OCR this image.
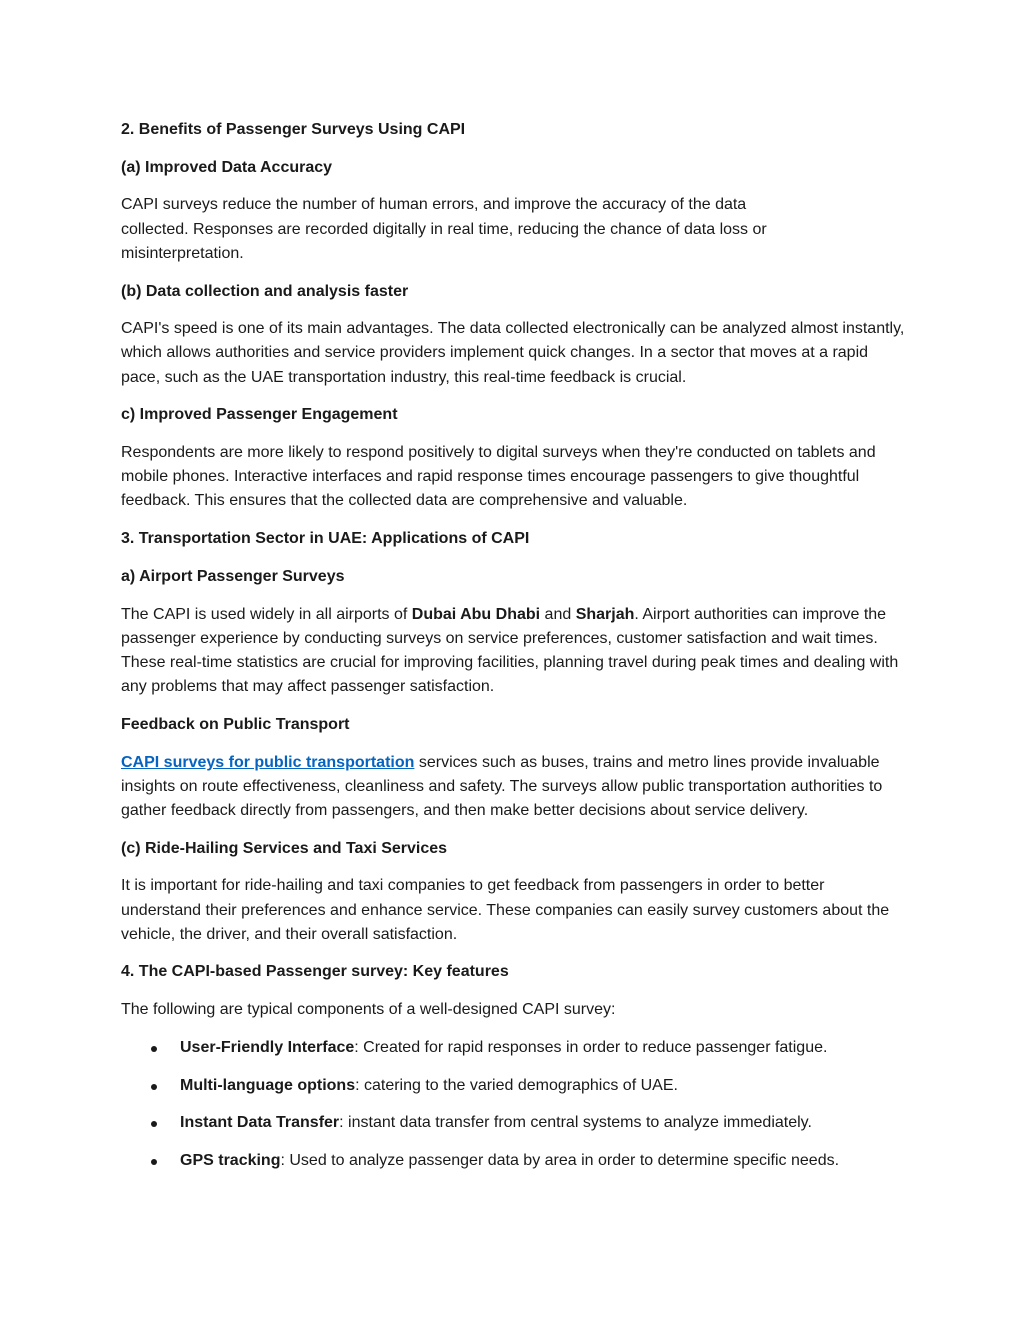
2. Benefits of Passenger Surveys Using CAPI
(a) Improved Data Accuracy
CAPI surveys reduce the number of human errors, and improve the accuracy of the data collected. Responses are recorded digitally in real time, reducing the chance of data loss or misinterpretation.
(b) Data collection and analysis faster
CAPI's speed is one of its main advantages. The data collected electronically can be analyzed almost instantly, which allows authorities and service providers implement quick changes. In a sector that moves at a rapid pace, such as the UAE transportation industry, this real-time feedback is crucial.
c) Improved Passenger Engagement
Respondents are more likely to respond positively to digital surveys when they're conducted on tablets and mobile phones. Interactive interfaces and rapid response times encourage passengers to give thoughtful feedback. This ensures that the collected data are comprehensive and valuable.
3. Transportation Sector in UAE: Applications of CAPI
a) Airport Passenger Surveys
The CAPI is used widely in all airports of Dubai Abu Dhabi and Sharjah. Airport authorities can improve the passenger experience by conducting surveys on service preferences, customer satisfaction and wait times. These real-time statistics are crucial for improving facilities, planning travel during peak times and dealing with any problems that may affect passenger satisfaction.
Feedback on Public Transport
CAPI surveys for public transportation services such as buses, trains and metro lines provide invaluable insights on route effectiveness, cleanliness and safety. The surveys allow public transportation authorities to gather feedback directly from passengers, and then make better decisions about service delivery.
(c) Ride-Hailing Services and Taxi Services
It is important for ride-hailing and taxi companies to get feedback from passengers in order to better understand their preferences and enhance service. These companies can easily survey customers about the vehicle, the driver, and their overall satisfaction.
4. The CAPI-based Passenger survey: Key features
The following are typical components of a well-designed CAPI survey:
User-Friendly Interface: Created for rapid responses in order to reduce passenger fatigue.
Multi-language options: catering to the varied demographics of UAE.
Instant Data Transfer: instant data transfer from central systems to analyze immediately.
GPS tracking: Used to analyze passenger data by area in order to determine specific needs.
